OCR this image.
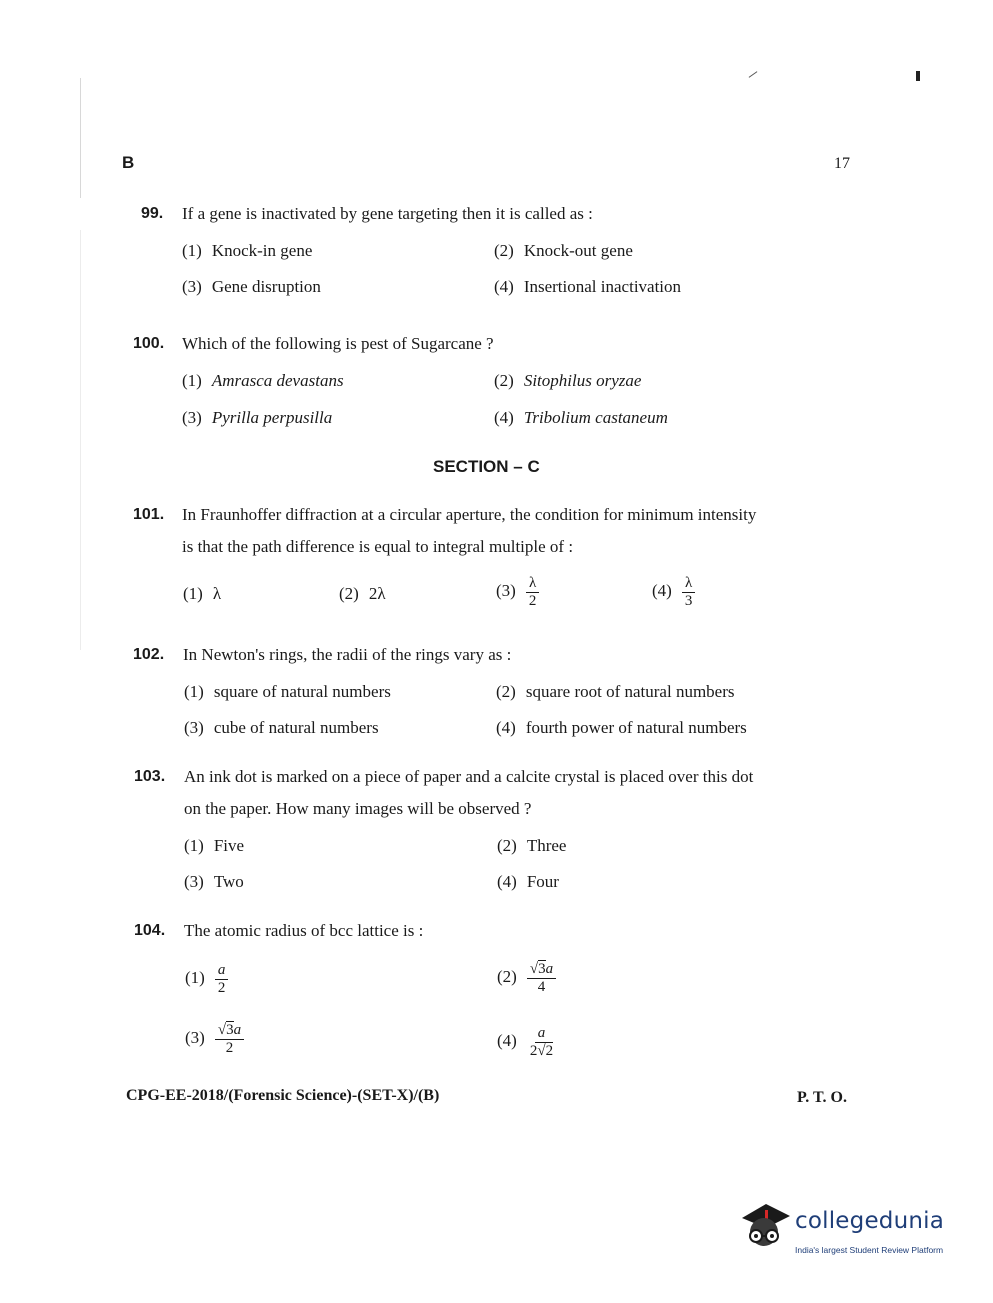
B	17
99. If a gene is inactivated by gene targeting then it is called as :
(1) Knock-in gene	(2) Knock-out gene
(3) Gene disruption	(4) Insertional inactivation
100. Which of the following is pest of Sugarcane ?
(1) Amrasca devastans	(2) Sitophilus oryzae
(3) Pyrilla perpusilla	(4) Tribolium castaneum
SECTION – C
101. In Fraunhoffer diffraction at a circular aperture, the condition for minimum intensity
is that the path difference is equal to integral multiple of :
(1) λ	(2) 2λ	$(3) \frac{\lambda}{2}$	$(4) \frac{\lambda}{3}$
102. In Newton's rings, the radii of the rings vary as :
(1) square of natural numbers	(2) square root of natural numbers
(3) cube of natural numbers	(4) fourth power of natural numbers
103. An ink dot is marked on a piece of paper and a calcite crystal is placed over this dot
on the paper. How many images will be observed ?
(1) Five	(2) Three
(3) Two	(4) Four
104. The atomic radius of bcc lattice is :
$(1) \frac{a}{2}$	$(2) \frac{√3a}{4}$
$(3) \frac{√3a}{2}$	$(4) \frac{a}{2√2}$
CPG-EE-2018/(Forensic Science)-(SET-X)/(B)	P. T. O.
collegedunia
India's largest Student Review Platform
